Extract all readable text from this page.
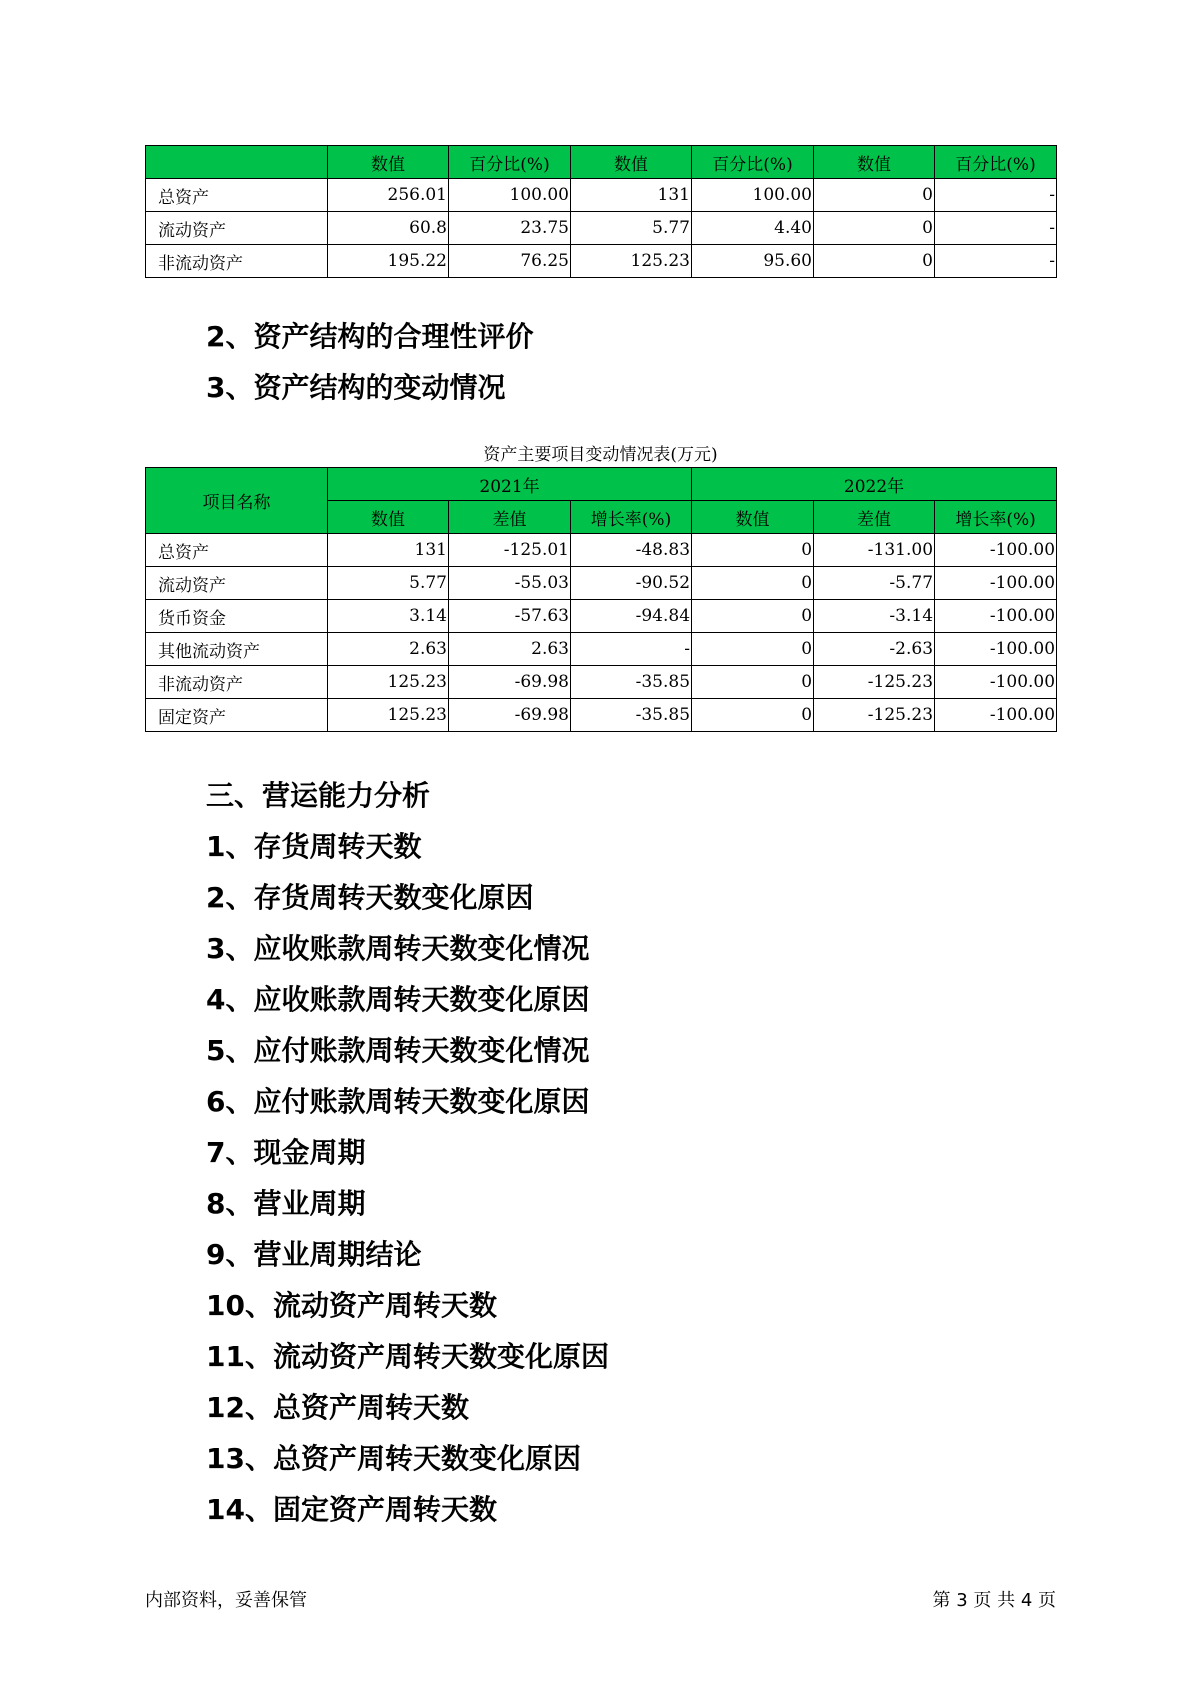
	数值	百分比(%)	数值	百分比(%)	数值	百分比(%)
总资产	256.01	100.00	131	100.00	0	-
流动资产	60.8	23.75	5.77	4.40	0	-
非流动资产	195.22	76.25	125.23	95.60	0	-
2、资产结构的合理性评价
3、资产结构的变动情况
资产主要项目变动情况表(万元)
项目名称	2021年			2022年		
	数值	差值	增长率(%)	数值	差值	增长率(%)
总资产	131	-125.01	-48.83	0	-131.00	-100.00
流动资产	5.77	-55.03	-90.52	0	-5.77	-100.00
货币资金	3.14	-57.63	-94.84	0	-3.14	-100.00
其他流动资产	2.63	2.63	-	0	-2.63	-100.00
非流动资产	125.23	-69.98	-35.85	0	-125.23	-100.00
固定资产	125.23	-69.98	-35.85	0	-125.23	-100.00
三、营运能力分析
1、存货周转天数
2、存货周转天数变化原因
3、应收账款周转天数变化情况
4、应收账款周转天数变化原因
5、应付账款周转天数变化情况
6、应付账款周转天数变化原因
7、现金周期
8、营业周期
9、营业周期结论
10、流动资产周转天数
11、流动资产周转天数变化原因
12、总资产周转天数
13、总资产周转天数变化原因
14、固定资产周转天数
内部资料，妥善保管	第 3 页 共 4 页
